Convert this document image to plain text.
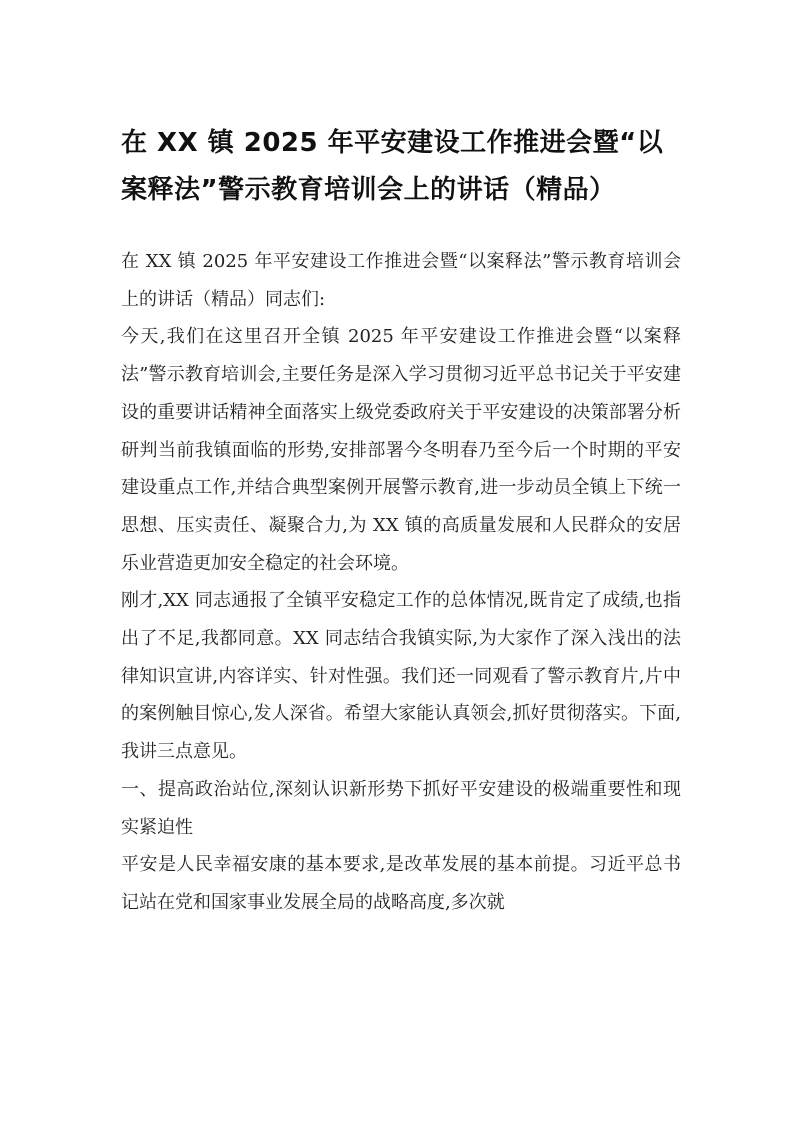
在 XX 镇 2025 年平安建设工作推进会暨“以案释法”警示教育培训会上的讲话（精品）

在 XX 镇 2025 年平安建设工作推进会暨“以案释法”警示教育培训会上的讲话（精品）同志们:

今天,我们在这里召开全镇 2025 年平安建设工作推进会暨“以案释法”警示教育培训会,主要任务是深入学习贯彻习近平总书记关于平安建设的重要讲话精神全面落实上级党委政府关于平安建设的决策部署分析研判当前我镇面临的形势,安排部署今冬明春乃至今后一个时期的平安建设重点工作,并结合典型案例开展警示教育,进一步动员全镇上下统一思想、压实责任、凝聚合力,为 XX 镇的高质量发展和人民群众的安居乐业营造更加安全稳定的社会环境。

刚才,XX 同志通报了全镇平安稳定工作的总体情况,既肯定了成绩,也指出了不足,我都同意。XX 同志结合我镇实际,为大家作了深入浅出的法律知识宣讲,内容详实、针对性强。我们还一同观看了警示教育片,片中的案例触目惊心,发人深省。希望大家能认真领会,抓好贯彻落实。下面,我讲三点意见。

一、提高政治站位,深刻认识新形势下抓好平安建设的极端重要性和现实紧迫性

平安是人民幸福安康的基本要求,是改革发展的基本前提。习近平总书记站在党和国家事业发展全局的战略高度,多次就
